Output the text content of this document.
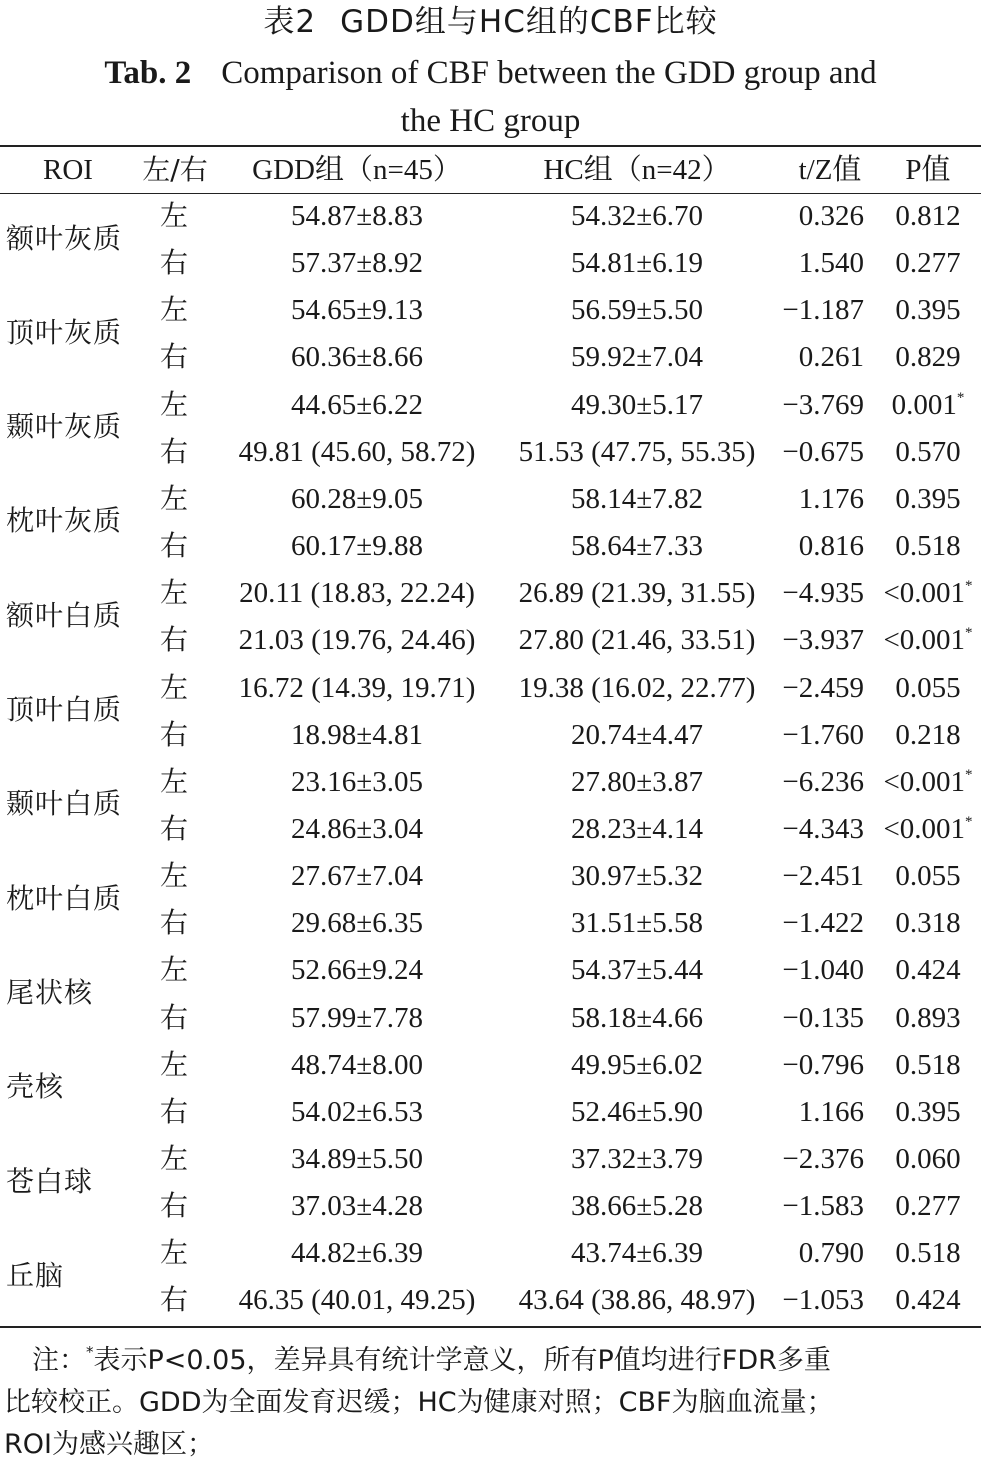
表2 GDD组与HC组的CBF比较
Tab. 2 Comparison of CBF between the GDD group and
the HC group
ROI	左/右	GDD组（n=45）	HC组（n=42）	t/Z值	P值
额叶灰质
左	54.87±8.83	54.32±6.70	0.326	0.812
右	57.37±8.92	54.81±6.19	1.540	0.277
顶叶灰质
左	54.65±9.13	56.59±5.50	−1.187	0.395
右	60.36±8.66	59.92±7.04	0.261	0.829
颞叶灰质
左	44.65±6.22	49.30±5.17	−3.769 0.001*
右	49.81 (45.60, 58.72)	51.53 (47.75, 55.35) −0.675	0.570
枕叶灰质
左	60.28±9.05	58.14±7.82	1.176	0.395
右	60.17±9.88	58.64±7.33	0.816	0.518
额叶白质
左	20.11 (18.83, 22.24)	26.89 (21.39, 31.55) −4.935 <0.001*
右	21.03 (19.76, 24.46)	27.80 (21.46, 33.51) −3.937 <0.001*
顶叶白质
左	16.72 (14.39, 19.71)	19.38 (16.02, 22.77) −2.459	0.055
右	18.98±4.81	20.74±4.47	−1.760	0.218
颞叶白质
左	23.16±3.05	27.80±3.87	−6.236 <0.001*
右	24.86±3.04	28.23±4.14	−4.343 <0.001*
枕叶白质
左	27.67±7.04	30.97±5.32	−2.451	0.055
右	29.68±6.35	31.51±5.58	−1.422	0.318
尾状核
左	52.66±9.24	54.37±5.44	−1.040	0.424
右	57.99±7.78	58.18±4.66	−0.135	0.893
壳核
左	48.74±8.00	49.95±6.02	−0.796	0.518
右	54.02±6.53	52.46±5.90	1.166	0.395
苍白球
左	34.89±5.50	37.32±3.79	−2.376	0.060
右	37.03±4.28	38.66±5.28	−1.583	0.277
丘脑
左	44.82±6.39	43.74±6.39	0.790	0.518
右	46.35 (40.01, 49.25)	43.64 (38.86, 48.97) −1.053	0.424

注：*表示P<0.05，差异具有统计学意义，所有P值均进行FDR多重

比较校正。GDD为全面发育迟缓；HC为健康对照；CBF为脑血流量；

ROI为感兴趣区；
